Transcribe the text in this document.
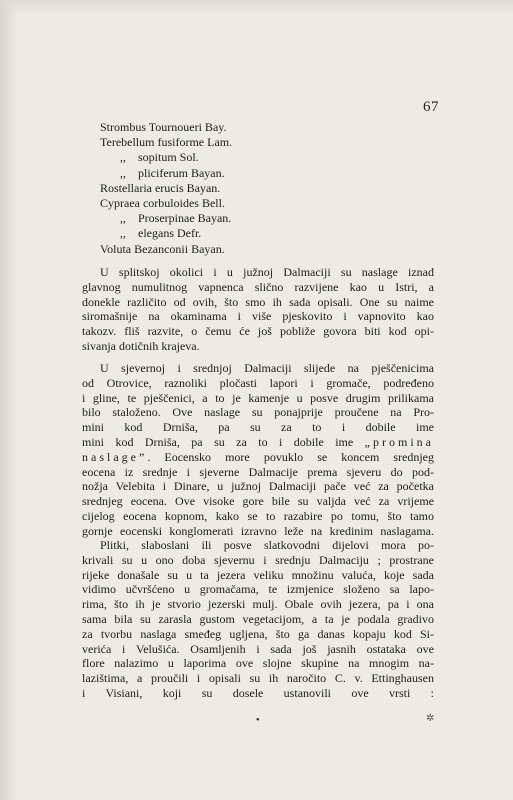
67
Strombus Tournoueri Bay.
Terebellum fusiforme Lam.
,, sopitum Sol.
,, pliciferum Bayan.
Rostellaria erucis Bayan.
Cypraea corbuloides Bell.
,, Proserpinae Bayan.
,, elegans Defr.
Voluta Bezanconii Bayan.
U splitskoj okolici i u južnoj Dalmaciji su naslage iznad
glavnog numulitnog vapnenca slično razvijene kao u Istri, a
donekle različito od ovih, što smo ih sada opisali. One su naime
siromašnije na okaminama i više pjeskovito i vapnovito kao
takozv. fliš razvite, o čemu će još pobliže govora biti kod opi-
sivanja dotičnih krajeva.
U sjevernoj i srednjoj Dalmaciji slijede na pješčenicima
od Otrovice, raznoliki pločasti lapori i gromače, podređeno
i gline, te pješčenici, a to je kamenje u posve drugim prilikama
bilo staloženo. Ove naslage su ponajprije proučene na Pro-
mini kod Drniša, pa su za to i dobile ime
mini kod Drniša, pa su za to i dobile ime „promina
naslage”. Eocensko more povuklo se koncem srednjeg
eocena iz srednje i sjeverne Dalmacije prema sjeveru do pod-
nožja Velebita i Dinare, u južnoj Dalmaciji pače već za početka
srednjeg eocena. Ove visoke gore bile su valjda već za vrijeme
cijelog eocena kopnom, kako se to razabire po tomu, što tamo
gornje eocenski konglomerati izravno leže na kredinim naslagama.
Plitki, slaboslani ili posve slatkovodni dijelovi mora po-
krivali su u ono doba sjevernu i srednju Dalmaciju ; prostrane
rijeke donašale su u ta jezera veliku množinu valuća, koje sada
vidimo učvršćeno u gromačama, te izmjenice složeno sa lapo-
rima, što ih je stvorio jezerski mulj. Obale ovih jezera, pa i ona
sama bila su zarasla gustom vegetacijom, a ta je podala gradivo
za tvorbu naslaga smeđeg ugljena, što ga danas kopaju kod Si-
verića i Velušića. Osamljenih i sada još jasnih ostataka ove
flore nalazimo u laporima ove slojne skupine na mnogim na-
lazištima, a proučili i opisali su ih naročito C. v. Ettinghausen
i Visiani, koji su dosele ustanovili ove vrsti :
•	✲
